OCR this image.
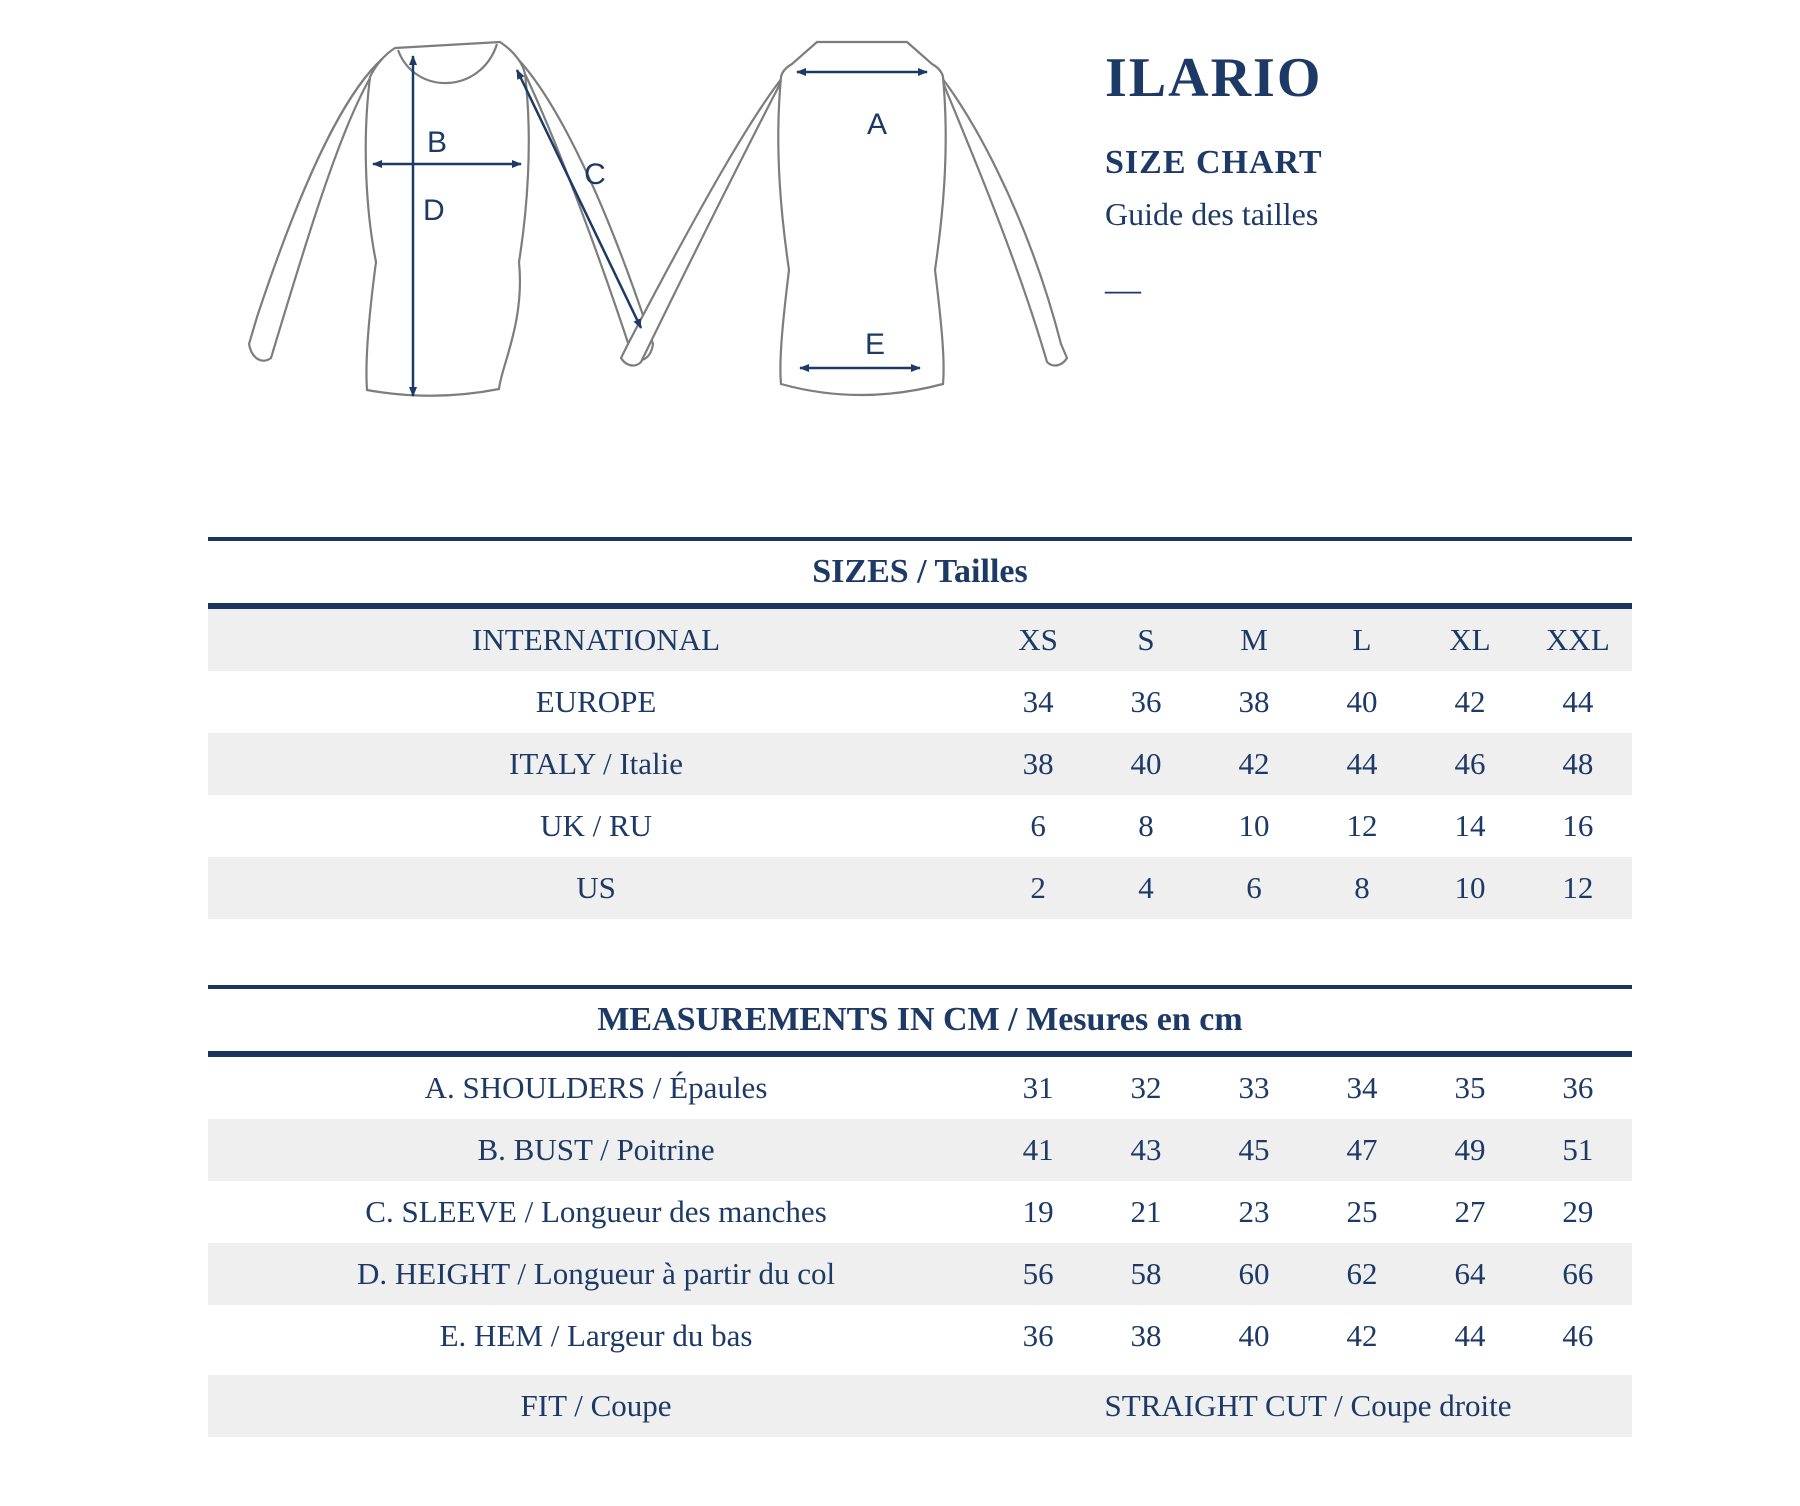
B
D
C
A
E
ILARIO
SIZE CHART
Guide des tailles
—
SIZES / Tailles
INTERNATIONAL	XS	S	M	L	XL	XXL
EUROPE	34	36	38	40	42	44
ITALY / Italie	38	40	42	44	46	48
UK / RU	6	8	10	12	14	16
US	2	4	6	8	10	12
MEASUREMENTS IN CM / Mesures en cm
A. SHOULDERS / Épaules	31	32	33	34	35	36
B. BUST / Poitrine	41	43	45	47	49	51
C. SLEEVE / Longueur des manches	19	21	23	25	27	29
D. HEIGHT / Longueur à partir du col	56	58	60	62	64	66
E. HEM / Largeur du bas	36	38	40	42	44	46
FIT / Coupe	STRAIGHT CUT / Coupe droite
